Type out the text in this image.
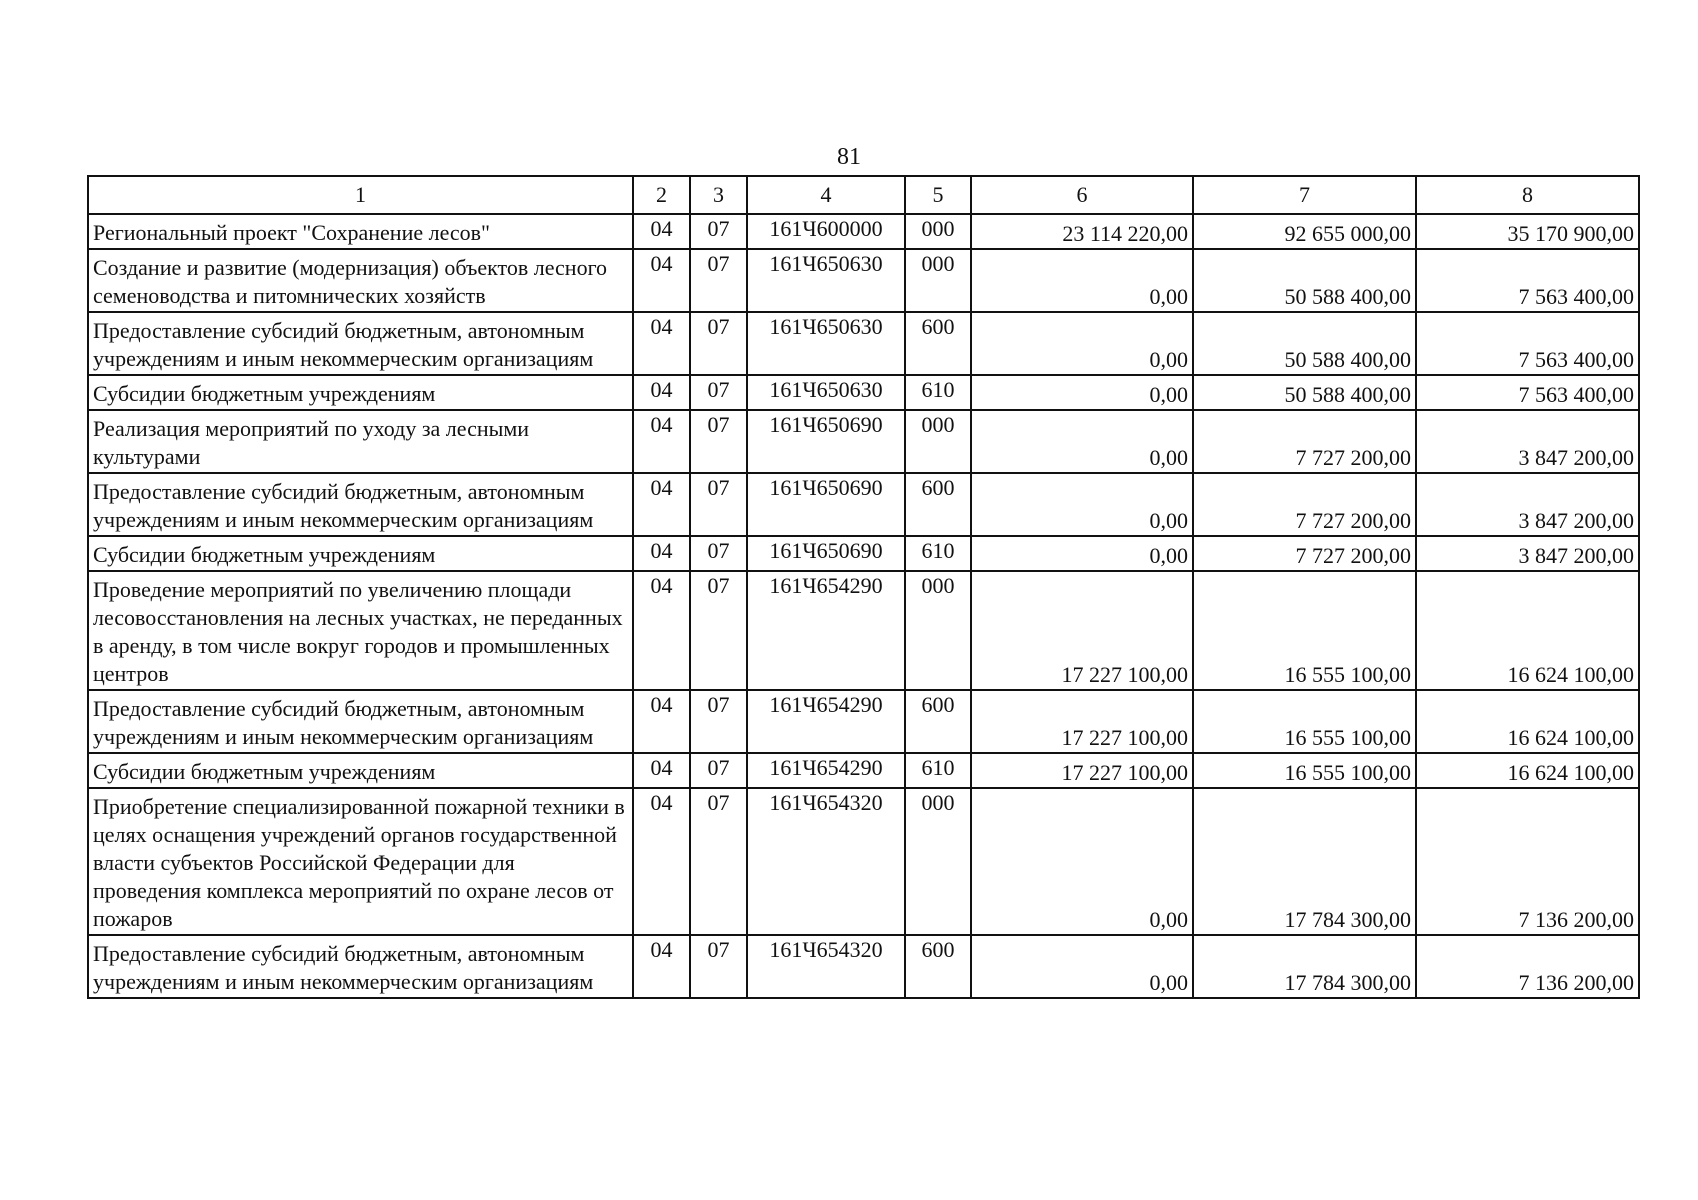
81
1	2	3	4	5	6	7	8

Региональный проект "Сохранение лесов"	04	07	161Ч600000	000	23 114 220,00	92 655 000,00	35 170 900,00

Создание и развитие (модернизация) объектов лесного семеноводства и питомнических хозяйств	04	07	161Ч650630	000	0,00	50 588 400,00	7 563 400,00

Предоставление субсидий бюджетным, автономным учреждениям и иным некоммерческим организациям	04	07	161Ч650630	600	0,00	50 588 400,00	7 563 400,00

Субсидии бюджетным учреждениям	04	07	161Ч650630	610	0,00	50 588 400,00	7 563 400,00

Реализация мероприятий по уходу за лесными культурами	04	07	161Ч650690	000	0,00	7 727 200,00	3 847 200,00

Предоставление субсидий бюджетным, автономным учреждениям и иным некоммерческим организациям	04	07	161Ч650690	600	0,00	7 727 200,00	3 847 200,00

Субсидии бюджетным учреждениям	04	07	161Ч650690	610	0,00	7 727 200,00	3 847 200,00

Проведение мероприятий по увеличению площади лесовосстановления на лесных участках, не переданных в аренду, в том числе вокруг городов и промышленных центров	04	07	161Ч654290	000	17 227 100,00	16 555 100,00	16 624 100,00

Предоставление субсидий бюджетным, автономным учреждениям и иным некоммерческим организациям	04	07	161Ч654290	600	17 227 100,00	16 555 100,00	16 624 100,00

Субсидии бюджетным учреждениям	04	07	161Ч654290	610	17 227 100,00	16 555 100,00	16 624 100,00

Приобретение специализированной пожарной техники в целях оснащения учреждений органов государственной власти субъектов Российской Федерации для проведения комплекса мероприятий по охране лесов от пожаров	04	07	161Ч654320	000	0,00	17 784 300,00	7 136 200,00

Предоставление субсидий бюджетным, автономным учреждениям и иным некоммерческим организациям	04	07	161Ч654320	600	0,00	17 784 300,00	7 136 200,00
